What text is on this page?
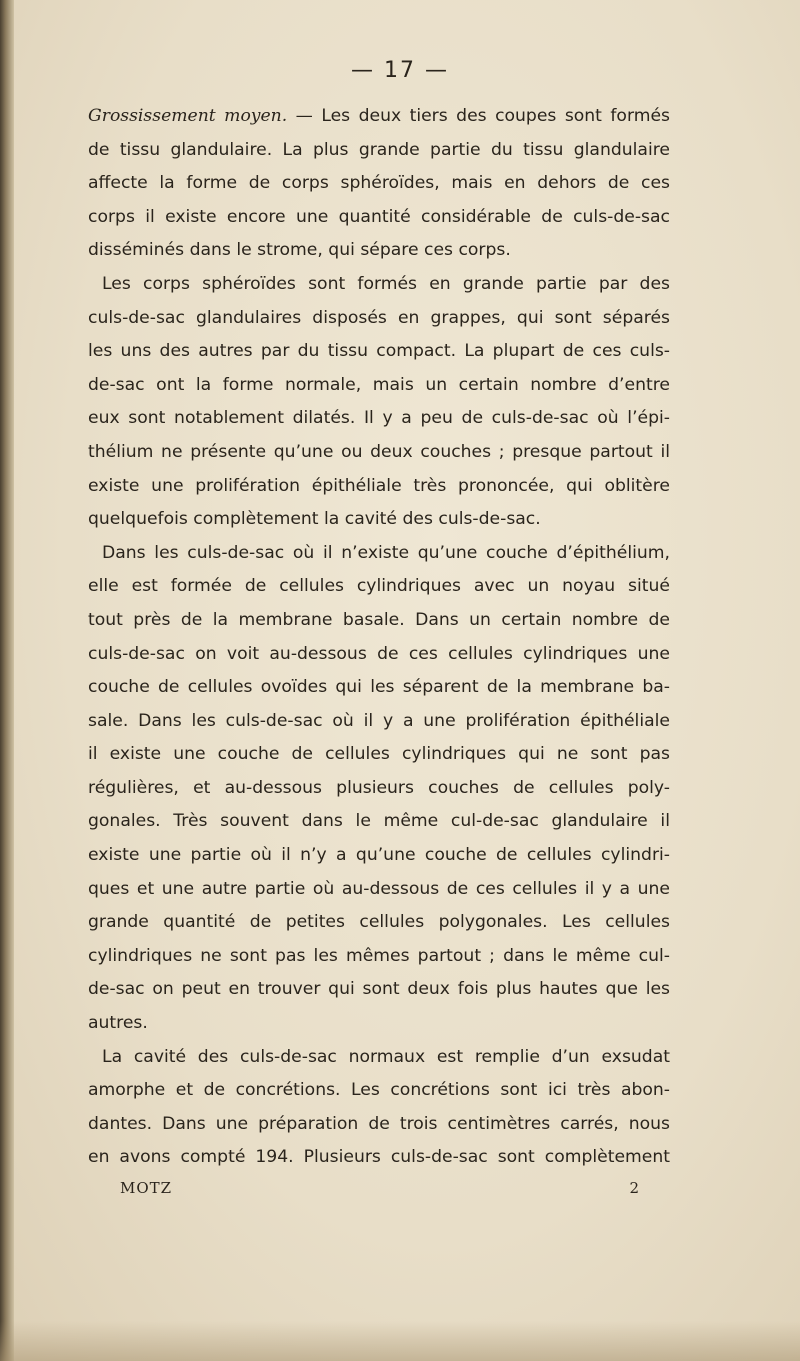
— 17 —
Grossissement moyen. — Les deux tiers des coupes sont formés
de tissu glandulaire. La plus grande partie du tissu glandulaire
affecte la forme de corps sphéroïdes, mais en dehors de ces
corps il existe encore une quantité considérable de culs-de-sac
disséminés dans le strome, qui sépare ces corps.
Les corps sphéroïdes sont formés en grande partie par des
culs-de-sac glandulaires disposés en grappes, qui sont séparés
les uns des autres par du tissu compact. La plupart de ces culs-
de-sac ont la forme normale, mais un certain nombre d’entre
eux sont notablement dilatés. Il y a peu de culs-de-sac où l’épi-
thélium ne présente qu’une ou deux couches ; presque partout il
existe une prolifération épithéliale très prononcée, qui oblitère
quelquefois complètement la cavité des culs-de-sac.
Dans les culs-de-sac où il n’existe qu’une couche d’épithélium,
elle est formée de cellules cylindriques avec un noyau situé
tout près de la membrane basale. Dans un certain nombre de
culs-de-sac on voit au-dessous de ces cellules cylindriques une
couche de cellules ovoïdes qui les séparent de la membrane ba-
sale. Dans les culs-de-sac où il y a une prolifération épithéliale
il existe une couche de cellules cylindriques qui ne sont pas
régulières, et au-dessous plusieurs couches de cellules poly-
gonales. Très souvent dans le même cul-de-sac glandulaire il
existe une partie où il n’y a qu’une couche de cellules cylindri-
ques et une autre partie où au-dessous de ces cellules il y a une
grande quantité de petites cellules polygonales. Les cellules
cylindriques ne sont pas les mêmes partout ; dans le même cul-
de-sac on peut en trouver qui sont deux fois plus hautes que les
autres.
La cavité des culs-de-sac normaux est remplie d’un exsudat
amorphe et de concrétions. Les concrétions sont ici très abon-
dantes. Dans une préparation de trois centimètres carrés, nous
en avons compté 194. Plusieurs culs-de-sac sont complètement
MOTZ	2
